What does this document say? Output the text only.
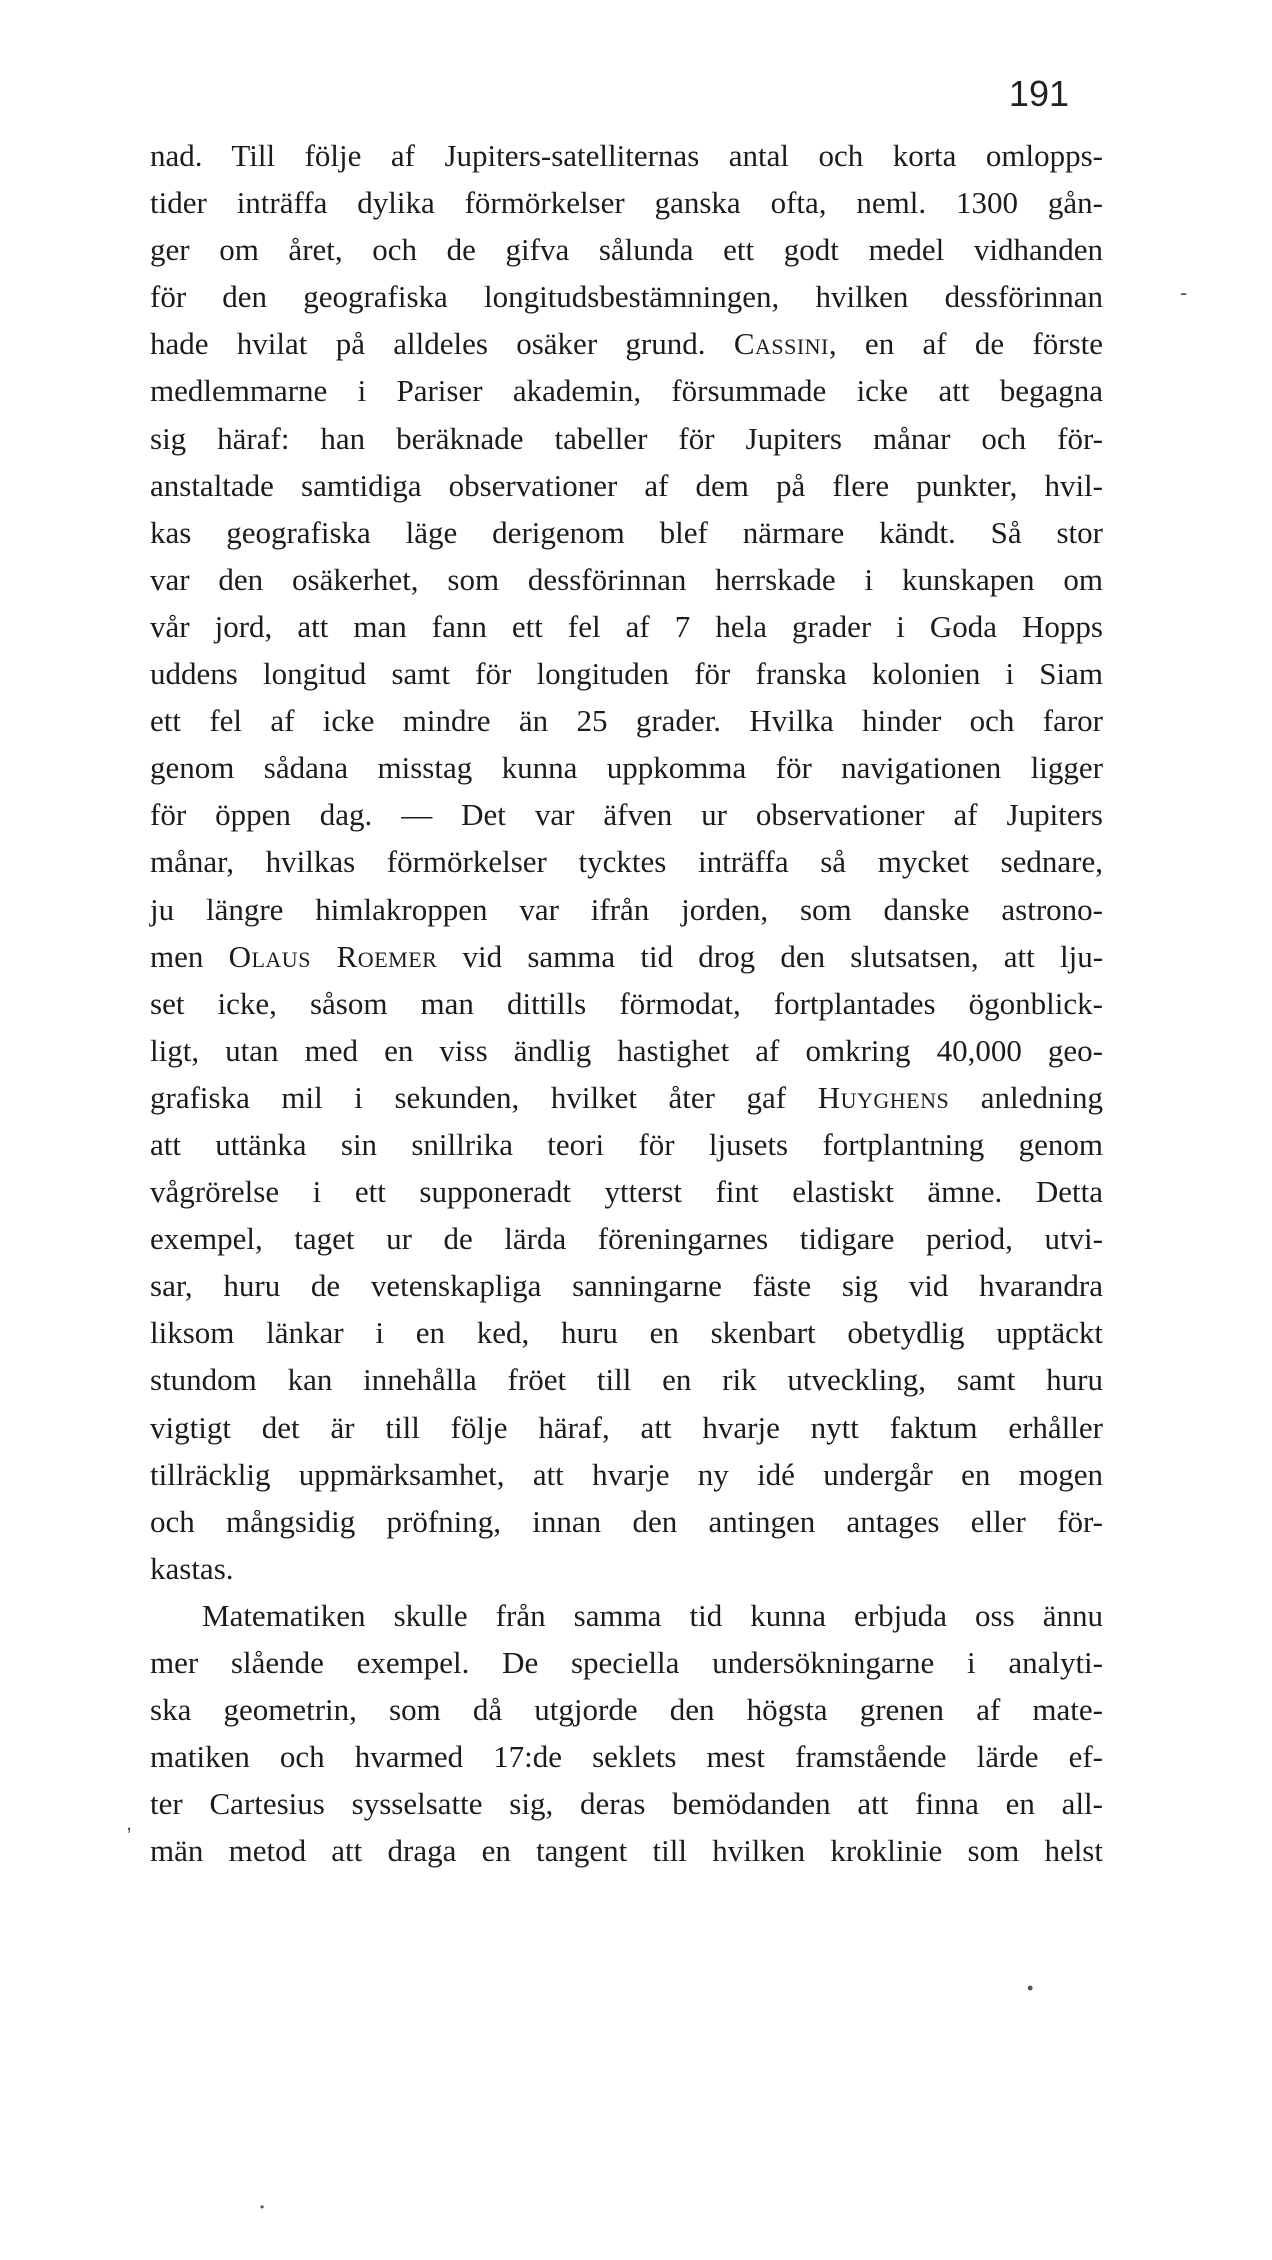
191
nad. Till följe af Jupiters-satelliternas antal och korta omlopps-
tider inträffa dylika förmörkelser ganska ofta, neml. 1300 gån-
ger om året, och de gifva sålunda ett godt medel vidhanden
för den geografiska longitudsbestämningen, hvilken dessförinnan
hade hvilat på alldeles osäker grund. Cassini, en af de förste
medlemmarne i Pariser akademin, försummade icke att begagna
sig häraf: han beräknade tabeller för Jupiters månar och för-
anstaltade samtidiga observationer af dem på flere punkter, hvil-
kas geografiska läge derigenom blef närmare kändt. Så stor
var den osäkerhet, som dessförinnan herrskade i kunskapen om
vår jord, att man fann ett fel af 7 hela grader i Goda Hopps
uddens longitud samt för longituden för franska kolonien i Siam
ett fel af icke mindre än 25 grader. Hvilka hinder och faror
genom sådana misstag kunna uppkomma för navigationen ligger
för öppen dag. — Det var äfven ur observationer af Jupiters
månar, hvilkas förmörkelser tycktes inträffa så mycket sednare,
ju längre himlakroppen var ifrån jorden, som danske astrono-
men Olaus Roemer vid samma tid drog den slutsatsen, att lju-
set icke, såsom man dittills förmodat, fortplantades ögonblick-
ligt, utan med en viss ändlig hastighet af omkring 40,000 geo-
grafiska mil i sekunden, hvilket åter gaf Huyghens anledning
att uttänka sin snillrika teori för ljusets fortplantning genom
vågrörelse i ett supponeradt ytterst fint elastiskt ämne. Detta
exempel, taget ur de lärda föreningarnes tidigare period, utvi-
sar, huru de vetenskapliga sanningarne fäste sig vid hvarandra
liksom länkar i en ked, huru en skenbart obetydlig upptäckt
stundom kan innehålla fröet till en rik utveckling, samt huru
vigtigt det är till följe häraf, att hvarje nytt faktum erhåller
tillräcklig uppmärksamhet, att hvarje ny idé undergår en mogen
och mångsidig pröfning, innan den antingen antages eller för-
kastas.
Matematiken skulle från samma tid kunna erbjuda oss ännu
mer slående exempel. De speciella undersökningarne i analyti-
ska geometrin, som då utgjorde den högsta grenen af mate-
matiken och hvarmed 17:de seklets mest framstående lärde ef-
ter Cartesius sysselsatte sig, deras bemödanden att finna en all-
män metod att draga en tangent till hvilken kroklinie som helst
-
,
•
•
